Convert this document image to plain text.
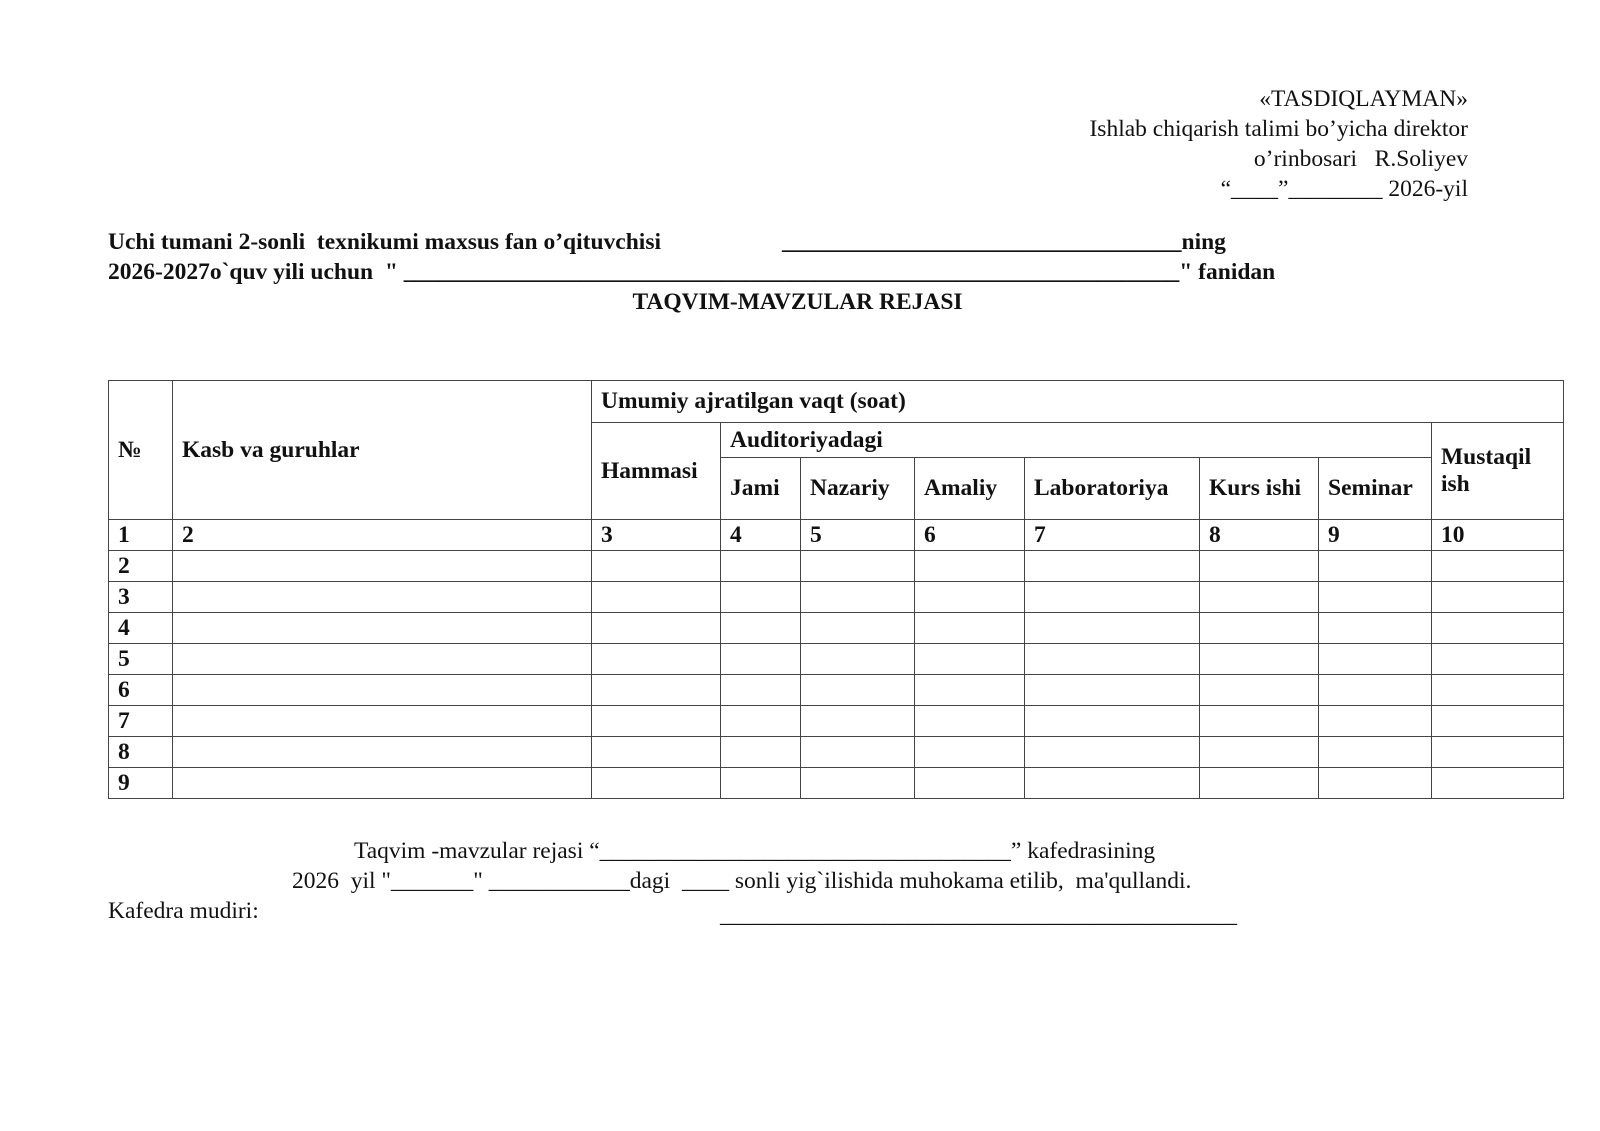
«TASDIQLAYMAN»
Ishlab chiqarish talimi bo’yicha direktor
o’rinbosari   R.Soliyev
“____”________ 2026-yil
Uchi tumani 2-sonli  texnikumi maxsus fan o’qituvchisi	__________________________________ning
2026-2027o`quv yili uchun  " __________________________________________________________________" fanidan
TAQVIM-MAVZULAR REJASI
№	Kasb va guruhlar	Umumiy ajratilgan vaqt (soat)							
		Hammasi	Auditoriyadagi						Mustaqil ish
			Jami	Nazariy	Amaliy	Laboratoriya	Kurs ishi	Seminar	
1	2	3	4	5	6	7	8	9	10
2									
3									
4									
5									
6									
7									
8									
9									
Taqvim -mavzular rejasi “___________________________________” kafedrasining
2026  yil "_______" ____________dagi  ____ sonli yig`ilishida muhokama etilib,  ma'qullandi.
Kafedra mudiri:	____________________________________________
